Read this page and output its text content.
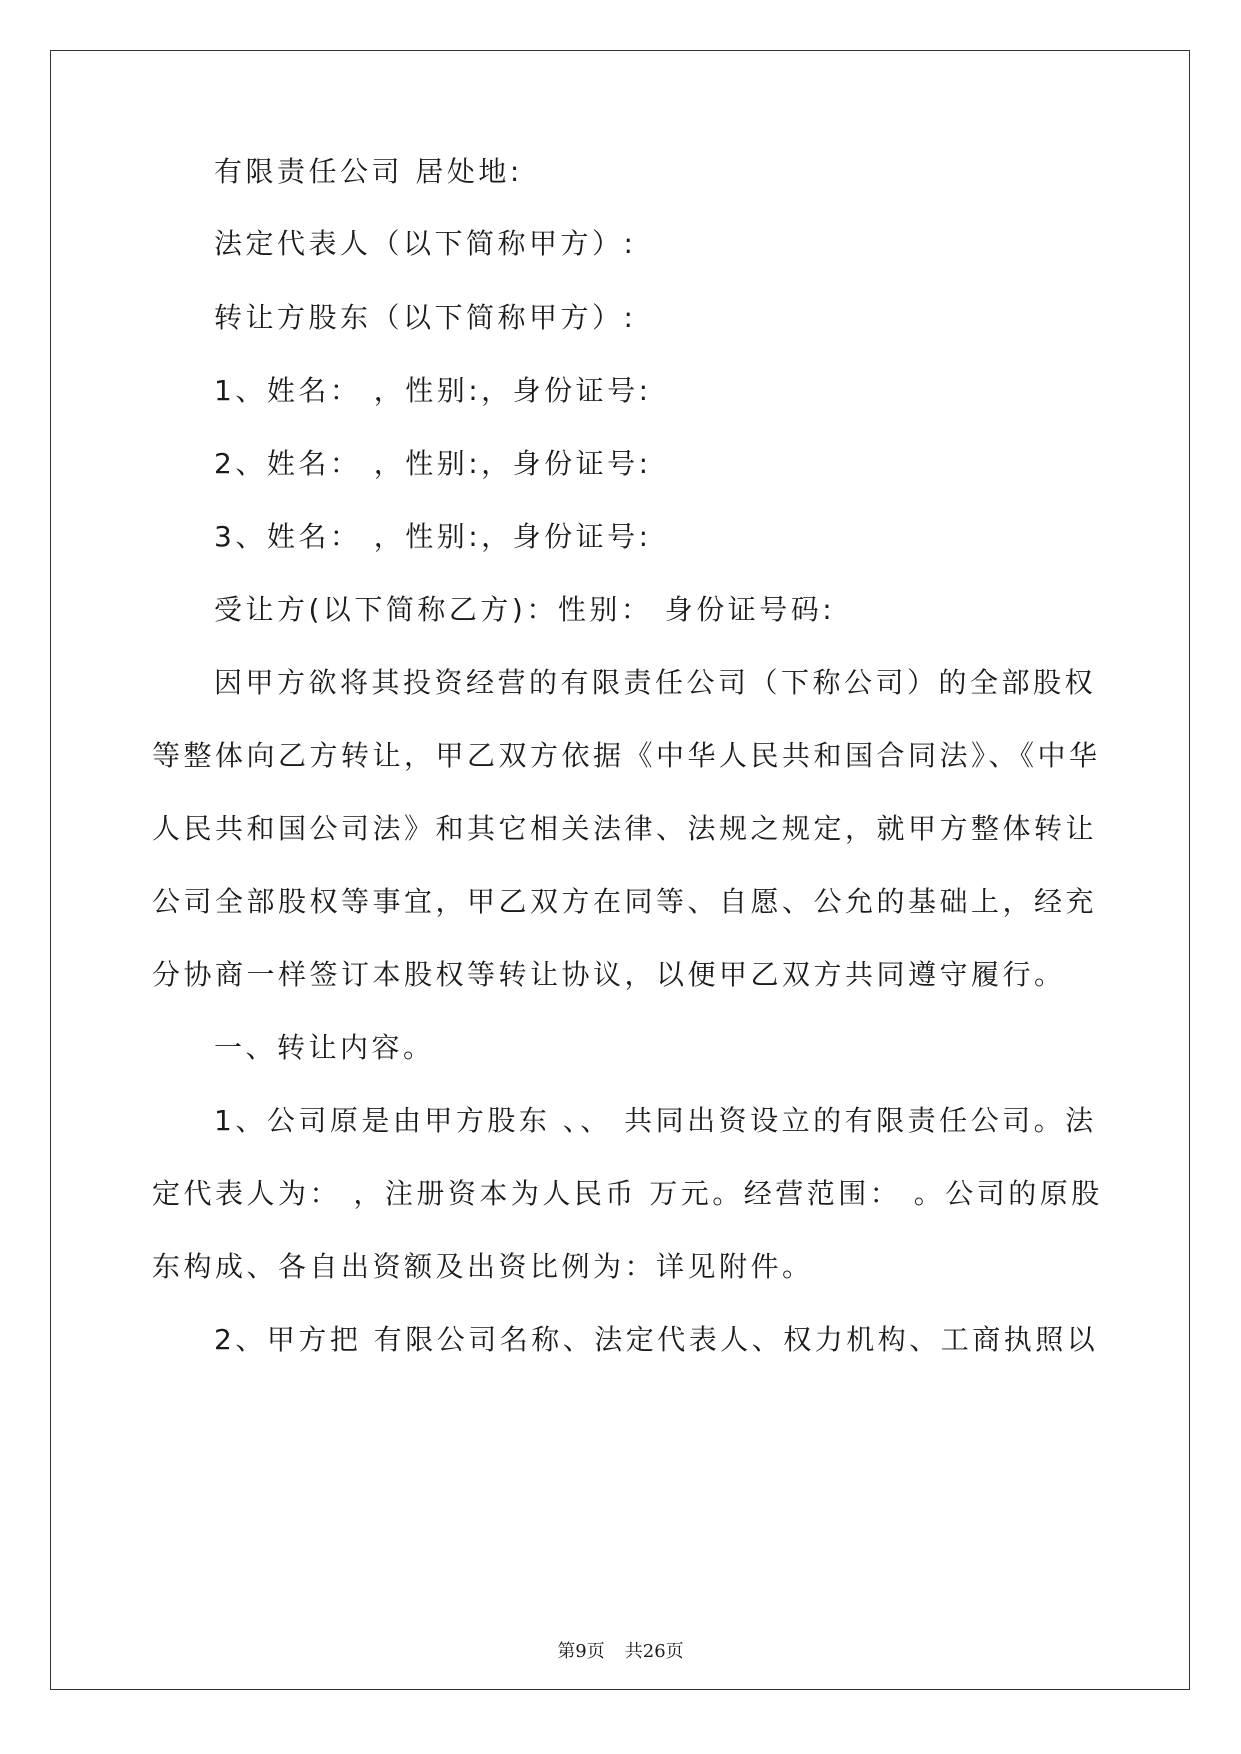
有限责任公司 居处地:

法定代表人（以下简称甲方）:

转让方股东（以下简称甲方）:

1、姓名： ，性别:，身份证号:

2、姓名： ，性别:，身份证号:

3、姓名： ，性别:，身份证号:

受让方(以下简称乙方)：性别： 身份证号码:

因甲方欲将其投资经营的有限责任公司（下称公司）的全部股权

等整体向乙方转让，甲乙双方依据《中华人民共和国合同法》、《中华

人民共和国公司法》和其它相关法律、法规之规定，就甲方整体转让

公司全部股权等事宜，甲乙双方在同等、自愿、公允的基础上，经充

分协商一样签订本股权等转让协议，以便甲乙双方共同遵守履行。

一、转让内容。

1、公司原是由甲方股东 、、 共同出资设立的有限责任公司。法

定代表人为： ，注册资本为人民币 万元。经营范围： 。公司的原股

东构成、各自出资额及出资比例为：详见附件。

2、甲方把 有限公司名称、法定代表人、权力机构、工商执照以

第9页 共26页
